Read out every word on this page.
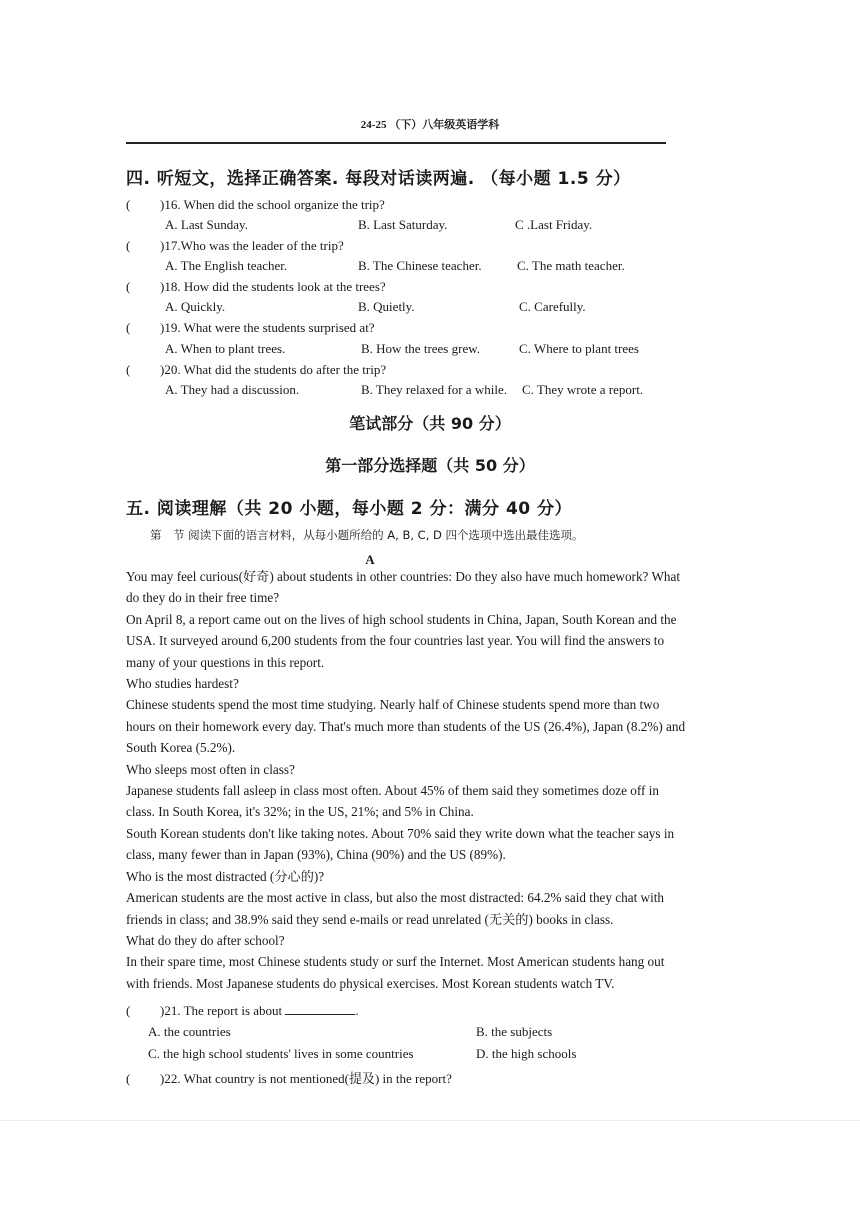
24-25 （下）八年级英语学科
四. 听短文，选择正确答案. 每段对话读两遍. （每小题 1.5 分）
( )16. When did the school organize the trip?
A. Last Sunday.	B. Last Saturday.	C .Last Friday.
( )17.Who was the leader of the trip?
A. The English teacher.	B. The Chinese teacher.	C. The math teacher.
( )18. How did the students look at the trees?
A. Quickly.	B. Quietly.	C. Carefully.
( )19. What were the students surprised at?
A. When to plant trees.	B. How the trees grew.	C. Where to plant trees
( )20. What did the students do after the trip?
A. They had a discussion.	B. They relaxed for a while. C. They wrote a report.
笔试部分（共 90 分）
第一部分选择题（共 50 分）
五. 阅读理解（共 20 小题，每小题 2 分：满分 40 分）
第　节 阅读下面的语言材料，从每小题所给的 A, B, C, D 四个选项中选出最佳选项。
A

You may feel curious(好奇) about students in other countries: Do they also have much homework? What do they do in their free time?

On April 8, a report came out on the lives of high school students in China, Japan, South Korean and the USA. It surveyed around 6,200 students from the four countries last year. You will find the answers to many of your questions in this report.

Who studies hardest?

Chinese students spend the most time studying. Nearly half of Chinese students spend more than two hours on their homework every day. That's much more than students of the US (26.4%), Japan (8.2%) and South Korea (5.2%).

Who sleeps most often in class?

Japanese students fall asleep in class most often. About 45% of them said they sometimes doze off in class. In South Korea, it's 32%; in the US, 21%; and 5% in China.

South Korean students don't like taking notes. About 70% said they write down what the teacher says in class, many fewer than in Japan (93%), China (90%) and the US (89%).

Who is the most distracted (分心的)?

American students are the most active in class, but also the most distracted: 64.2% said they chat with friends in class; and 38.9% said they send e-mails or read unrelated (无关的) books in class.

What do they do after school?

In their spare time, most Chinese students study or surf the Internet. Most American students hang out with friends. Most Japanese students do physical exercises. Most Korean students watch TV.

( )21. The report is about	.
A. the countries	B. the subjects
C. the high school students' lives in some countries	D. the high schools
( )22. What country is not mentioned(提及) in the report?
